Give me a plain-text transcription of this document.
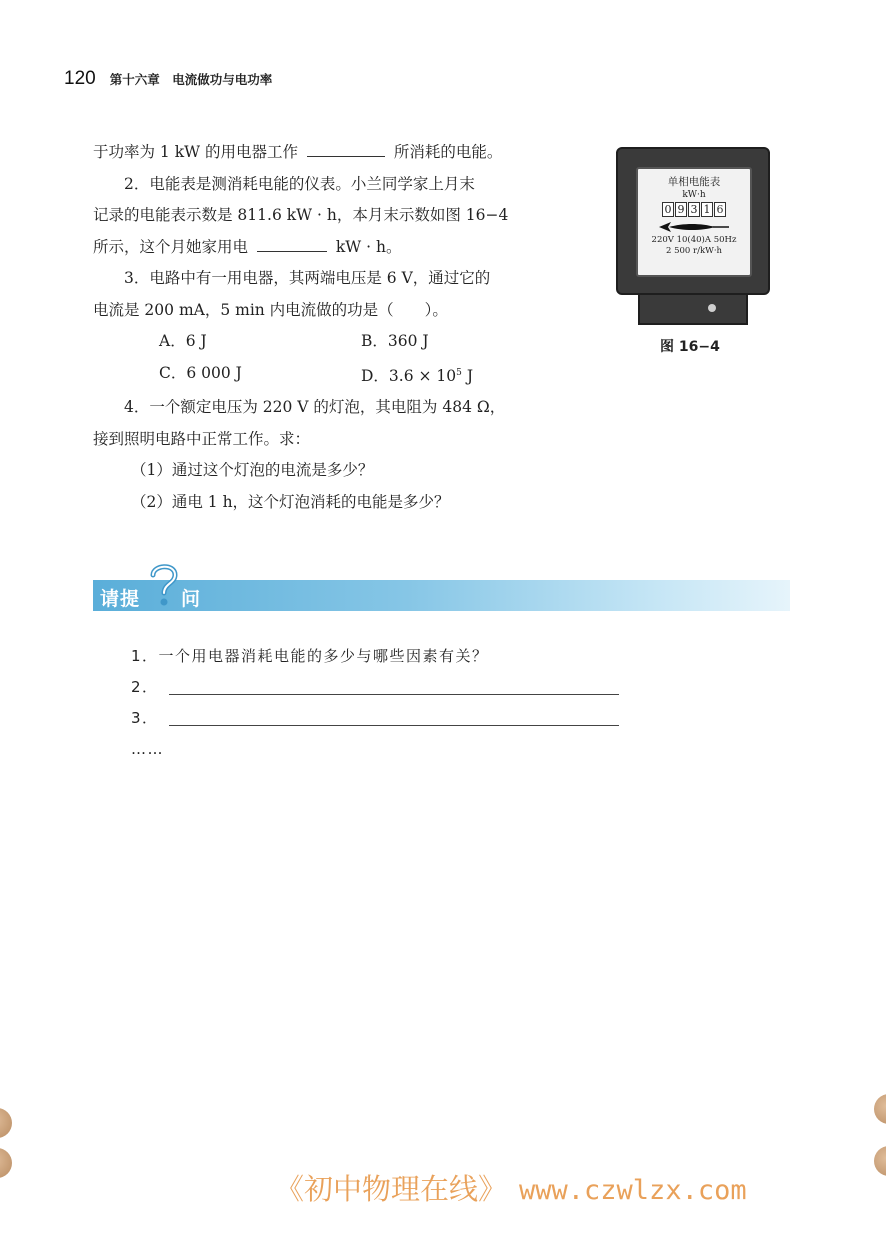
120 第十六章　电流做功与电功率
于功率为 1 kW 的用电器工作	所消耗的电能。
2．电能表是测消耗电能的仪表。小兰同学家上月末
记录的电能表示数是 811.6 kW · h，本月末示数如图 16−4
所示，这个月她家用电	kW · h。
3．电路中有一用电器，其两端电压是 6 V，通过它的
电流是 200 mA，5 min 内电流做的功是（　　）。
A．6 J	B．360 J
C．6 000 J	D．$3.6 \times 10^5$ J
4．一个额定电压为 220 V 的灯泡，其电阻为 484 Ω，
接到照明电路中正常工作。求：
（1）通过这个灯泡的电流是多少？
（2）通电 1 h，这个灯泡消耗的电能是多少？
单相电能表
kW·h
0 9 3 1 6
220V 10(40)A 50Hz
2 500 r/kW·h
图 16−4
请提 问
1．一个用电器消耗电能的多少与哪些因素有关？
2．
3．
……
《初中物理在线》 www.czwlzx.com
